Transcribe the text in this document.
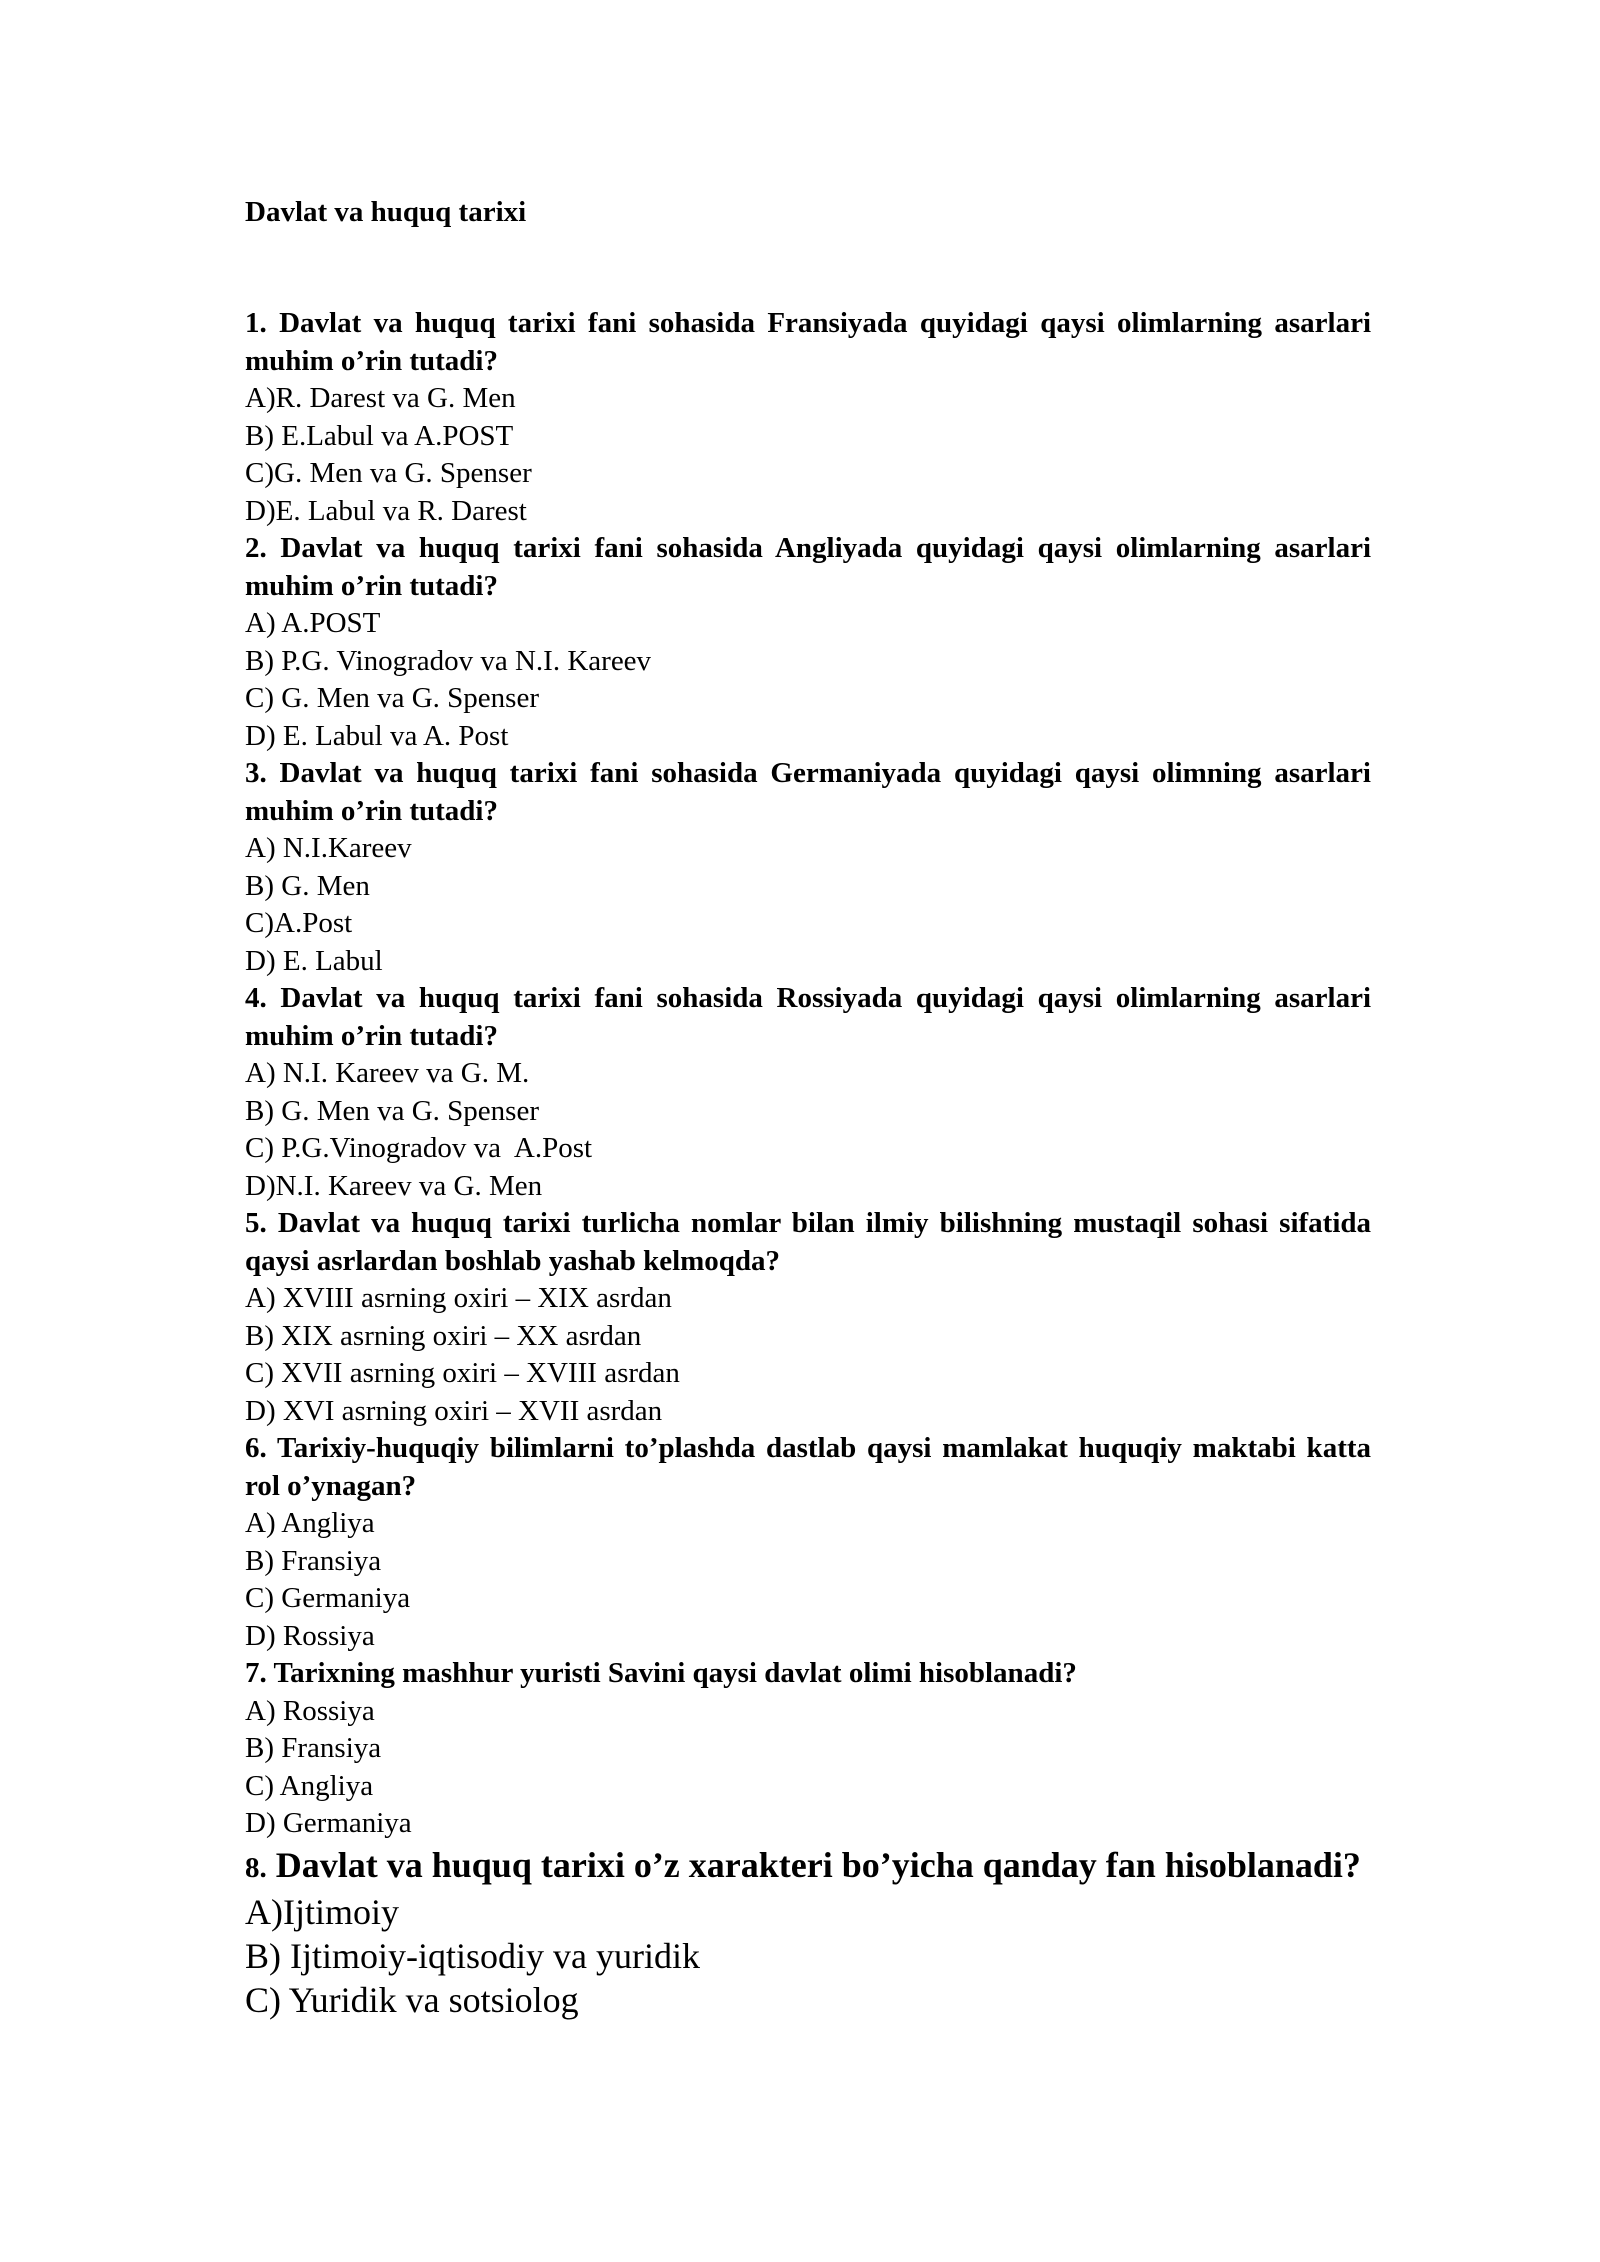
Davlat va huquq tarixi

1. Davlat va huquq tarixi fani sohasida Fransiyada quyidagi qaysi olimlarning asarlari muhim o’rin tutadi?

A)R. Darest va G. Men
B) E.Labul va A.POST
C)G. Men va G. Spenser
D)E. Labul va R. Darest

2. Davlat va huquq tarixi fani sohasida Angliyada quyidagi qaysi olimlarning asarlari muhim o’rin tutadi?

A) A.POST
B) P.G. Vinogradov va N.I. Kareev
C) G. Men va G. Spenser
D) E. Labul va A. Post

3. Davlat va huquq tarixi fani sohasida Germaniyada quyidagi qaysi olimning asarlari muhim o’rin tutadi?

A) N.I.Kareev
B) G. Men
C)A.Post
D) E. Labul

4. Davlat va huquq tarixi fani sohasida Rossiyada quyidagi qaysi olimlarning asarlari muhim o’rin tutadi?

A) N.I. Kareev va G. M.
B) G. Men va G. Spenser
C) P.G.Vinogradov va  A.Post
D)N.I. Kareev va G. Men

5. Davlat va huquq tarixi turlicha nomlar bilan ilmiy bilishning mustaqil sohasi sifatida qaysi asrlardan boshlab yashab kelmoqda?

A) XVIII asrning oxiri – XIX asrdan
B) XIX asrning oxiri – XX asrdan
C) XVII asrning oxiri – XVIII asrdan
D) XVI asrning oxiri – XVII asrdan

6. Tarixiy-huquqiy bilimlarni to’plashda dastlab qaysi mamlakat huquqiy maktabi katta rol o’ynagan?

A) Angliya
B) Fransiya
C) Germaniya
D) Rossiya

7. Tarixning mashhur yuristi Savini qaysi davlat olimi hisoblanadi?

A) Rossiya
B) Fransiya
C) Angliya
D) Germaniya

8. Davlat va huquq tarixi o’z xarakteri bo’yicha qanday fan hisoblanadi?

A)Ijtimoiy
B) Ijtimoiy-iqtisodiy va yuridik
C) Yuridik va sotsiolog
